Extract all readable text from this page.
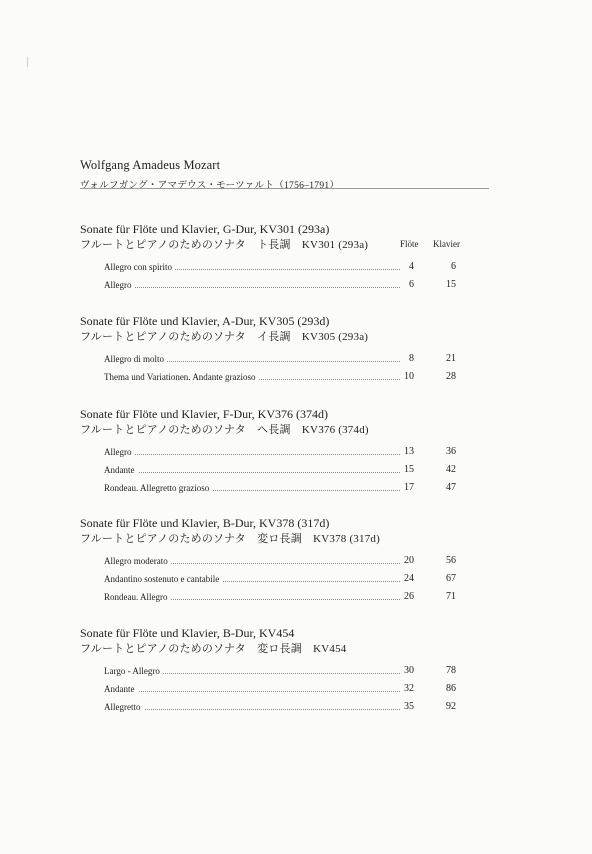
Wolfgang Amadeus Mozart
ヴォルフガング・アマデウス・モーツァルト（1756–1791）
Flöte Klavier
Sonate für Flöte und Klavier, G-Dur, KV301 (293a)
フルートとピアノのためのソナタ　ト長調　KV301 (293a)
Allegro con spirito	4	6
Allegro	6	15
Sonate für Flöte und Klavier, A-Dur, KV305 (293d)
フルートとピアノのためのソナタ　イ長調　KV305 (293a)
Allegro di molto	8	21
Thema und Variationen. Andante grazioso	10	28
Sonate für Flöte und Klavier, F-Dur, KV376 (374d)
フルートとピアノのためのソナタ　ヘ長調　KV376 (374d)
Allegro	13	36
Andante	15	42
Rondeau. Allegretto grazioso	17	47
Sonate für Flöte und Klavier, B-Dur, KV378 (317d)
フルートとピアノのためのソナタ　変ロ長調　KV378 (317d)
Allegro moderato	20	56
Andantino sostenuto e cantabile	24	67
Rondeau. Allegro	26	71
Sonate für Flöte und Klavier, B-Dur, KV454
フルートとピアノのためのソナタ　変ロ長調　KV454
Largo - Allegro	30	78
Andante	32	86
Allegretto	35	92
